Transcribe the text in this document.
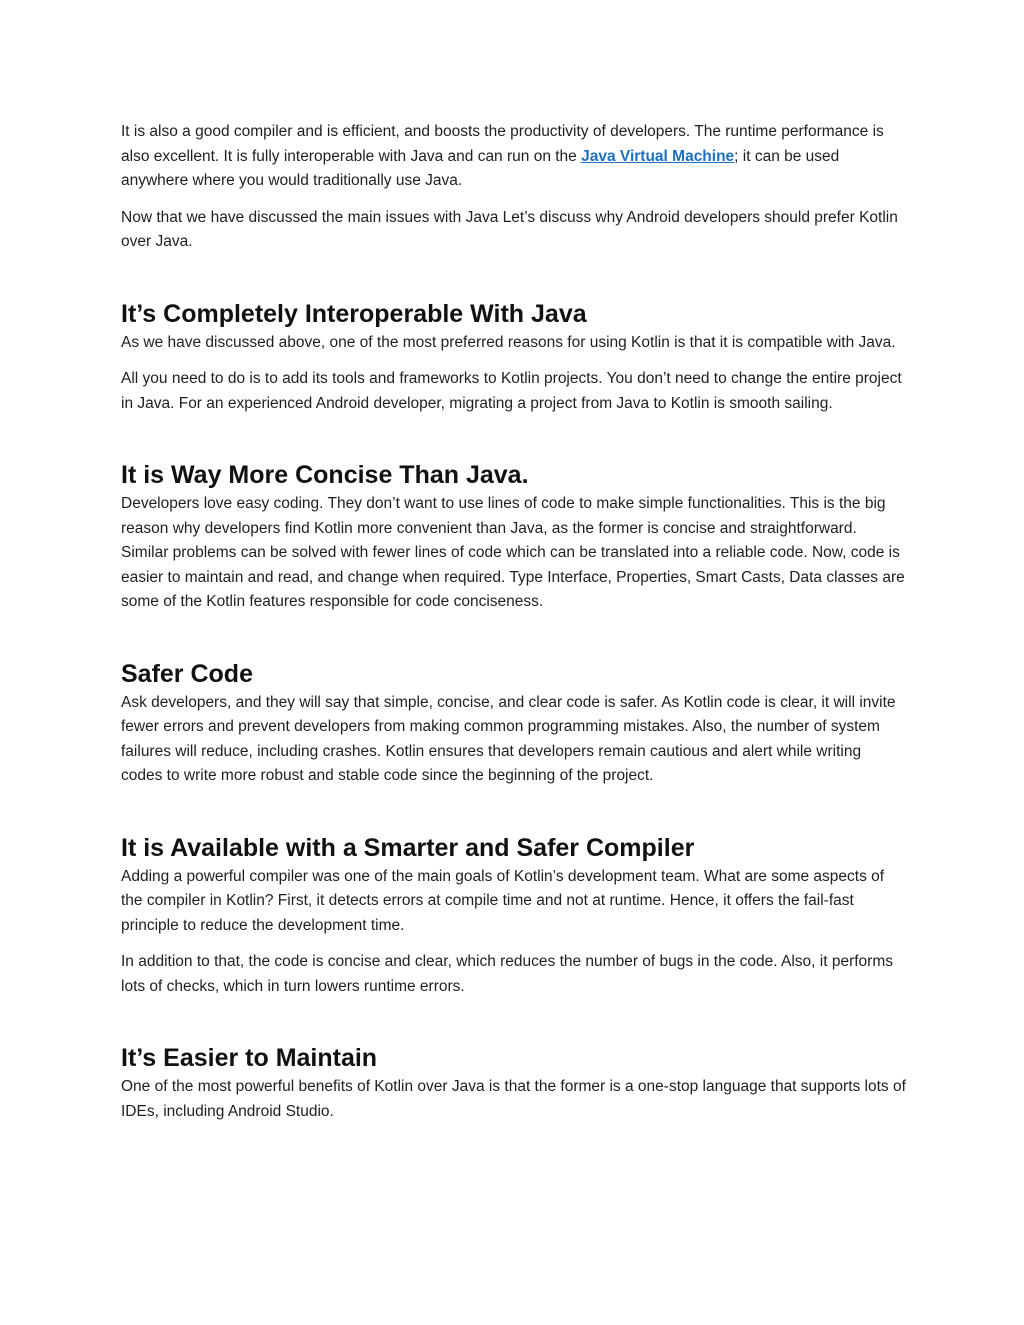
It is also a good compiler and is efficient, and boosts the productivity of developers. The runtime performance is also excellent. It is fully interoperable with Java and can run on the Java Virtual Machine; it can be used anywhere where you would traditionally use Java.

Now that we have discussed the main issues with Java Let’s discuss why Android developers should prefer Kotlin over Java.

It’s Completely Interoperable With Java

As we have discussed above, one of the most preferred reasons for using Kotlin is that it is compatible with Java.

All you need to do is to add its tools and frameworks to Kotlin projects. You don’t need to change the entire project in Java. For an experienced Android developer, migrating a project from Java to Kotlin is smooth sailing.

It is Way More Concise Than Java.

Developers love easy coding. They don’t want to use lines of code to make simple functionalities. This is the big reason why developers find Kotlin more convenient than Java, as the former is concise and straightforward. Similar problems can be solved with fewer lines of code which can be translated into a reliable code. Now, code is easier to maintain and read, and change when required. Type Interface, Properties, Smart Casts, Data classes are some of the Kotlin features responsible for code conciseness.

Safer Code

Ask developers, and they will say that simple, concise, and clear code is safer. As Kotlin code is clear, it will invite fewer errors and prevent developers from making common programming mistakes. Also, the number of system failures will reduce, including crashes. Kotlin ensures that developers remain cautious and alert while writing codes to write more robust and stable code since the beginning of the project.

It is Available with a Smarter and Safer Compiler

Adding a powerful compiler was one of the main goals of Kotlin’s development team. What are some aspects of the compiler in Kotlin? First, it detects errors at compile time and not at runtime. Hence, it offers the fail-fast principle to reduce the development time.

In addition to that, the code is concise and clear, which reduces the number of bugs in the code. Also, it performs lots of checks, which in turn lowers runtime errors.

It’s Easier to Maintain

One of the most powerful benefits of Kotlin over Java is that the former is a one-stop language that supports lots of IDEs, including Android Studio.
